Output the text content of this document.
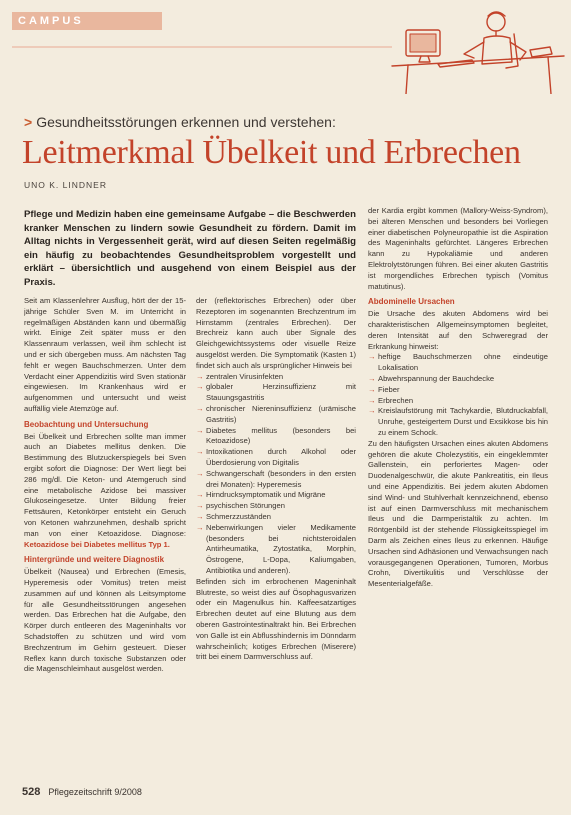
CAMPUS
> Gesundheitsstörungen erkennen und verstehen:
Leitmerkmal Übelkeit und Erbrechen
UNO K. LINDNER
Pflege und Medizin haben eine gemeinsame Aufgabe – die Beschwerden kranker Menschen zu lindern sowie Gesundheit zu fördern. Damit im Alltag nichts in Vergessenheit gerät, wird auf diesen Seiten regelmäßig ein häufig zu beobachtendes Gesundheitsproblem vorgestellt und erklärt – übersichtlich und ausgehend von einem Beispiel aus der Praxis.

Seit am Klassenlehrer Ausflug, hört der der 15-jährige Schüler Sven M. im Unterricht in regelmäßigen Abständen kann und übermäßig wirkt. Einige Zeit später muss er den Klassenraum verlassen, weil ihm schlecht ist und er sich übergeben muss. Am nächsten Tag fehlt er wegen Bauchschmerzen. Unter dem Verdacht einer Appendizitis wird Sven stationär eingewiesen. Im Krankenhaus wird er aufgenommen und untersucht und weist auffällig viele Atemzüge auf.

Beobachtung und Untersuchung

Bei Übelkeit und Erbrechen sollte man immer auch an Diabetes mellitus denken. Die Bestimmung des Blutzuckerspiegels bei Sven ergibt sofort die Diagnose: Der Wert liegt bei 286 mg/dl. Die Keton- und Atemgeruch sind eine metabolische Azidose bei massiver Glukoseingesetze. Unter Bildung freier Fettsäuren, Ketonkörper entsteht ein Geruch von Ketonen wahrzunehmen, deshalb spricht man von einer Ketoazidose. Diagnose: Ketoazidose bei Diabetes mellitus Typ 1.

Hintergründe und weitere Diagnostik

Übelkeit (Nausea) und Erbrechen (Emesis, Hyperemesis oder Vomitus) treten meist zusammen auf und können als Leitsymptome für alle Gesundheitsstörungen angesehen werden. Das Erbrechen hat die Aufgabe, den Körper durch entleeren des Mageninhalts vor Schadstoffen zu schützen und wird vom Brechzentrum im Gehirn gesteuert. Dieser Reflex kann durch toxische Substanzen oder die Magenschleimhaut ausgelöst werden.

der (reflektorisches Erbrechen) oder über Rezeptoren im sogenannten Brechzentrum im Hirnstamm (zentrales Erbrechen). Der Brechreiz kann auch über Signale des Gleichgewichtssystems oder visuelle Reize ausgelöst werden. Die Symptomatik (Kasten 1) findet sich auch als ursprünglicher Hinweis bei

→ zentralen Virusinfekten
→ globaler Herzinsuffizienz mit Stauungsgastritis
→ chronischer Niereninsuffizienz (urämische Gastritis)
→ Diabetes mellitus (besonders bei Ketoazidose)
→ Intoxikationen durch Alkohol oder Überdosierung von Digitalis
→ Schwangerschaft (besonders in den ersten drei Monaten): Hyperemesis
→ Hirndrucksymptomatik und Migräne
→ psychischen Störungen
→ Schmerzzuständen
→ Nebenwirkungen vieler Medikamente (besonders bei nichtsteroidalen Antirheumatika, Zytostatika, Morphin, Östrogene, L-Dopa, Kaliumgaben, Antibiotika und anderen).

Befinden sich im erbrochenen Mageninhalt Blutreste, so weist dies auf Ösophagusvarizen oder ein Magenulkus hin. Kaffeesatzartiges Erbrechen deutet auf eine Blutung aus dem oberen Gastrointestinaltrakt hin. Bei Erbrechen von Galle ist ein Abflusshindernis im Dünndarm wahrscheinlich; kotiges Erbrechen (Miserere) tritt bei einem Darmverschluss auf.

der Kardia ergibt kommen (Mallory-Weiss-Syndrom), bei älteren Menschen und besonders bei Vorliegen einer diabetischen Polyneuropathie ist die Aspiration des Mageninhalts gefürchtet. Längeres Erbrechen kann zu Hypokaliämie und anderen Elektrolytstörungen führen. Bei einer akuten Gastritis ist morgendliches Erbrechen typisch (Vomitus matutinus).

Abdominelle Ursachen

Die Ursache des akuten Abdomens wird bei charakteristischen Allgemeinsymptomen begleitet, deren Intensität auf den Schweregrad der Erkrankung hinweist:

→ heftige Bauchschmerzen ohne eindeutige Lokalisation
→ Abwehrspannung der Bauchdecke
→ Fieber
→ Erbrechen
→ Kreislaufstörung mit Tachykardie, Blutdruckabfall, Unruhe, gesteigertem Durst und Exsikkose bis hin zu einem Schock.

Zu den häufigsten Ursachen eines akuten Abdomens gehören die akute Cholezystitis, ein eingeklemmter Gallenstein, ein perforiertes Magen- oder Duodenalgeschwür, die akute Pankreatitis, ein Ileus und eine Appendizitis. Bei jedem akuten Abdomen sind Wind- und Stuhlverhalt kennzeichnend, ebenso ist auf einen Darmverschluss mit mechanischem Ileus und die Darmperistaltik zu achten. Im Röntgenbild ist der stehende Flüssigkeitsspiegel im Darm als Zeichen eines Ileus zu erkennen. Häufige Ursachen sind Adhäsionen und Verwachsungen nach vorausgegangenen Operationen, Tumoren, Morbus Crohn, Divertikulitis und Verschlüsse der Mesenterialgefäße.

528 Pflegezeitschrift 9/2008
